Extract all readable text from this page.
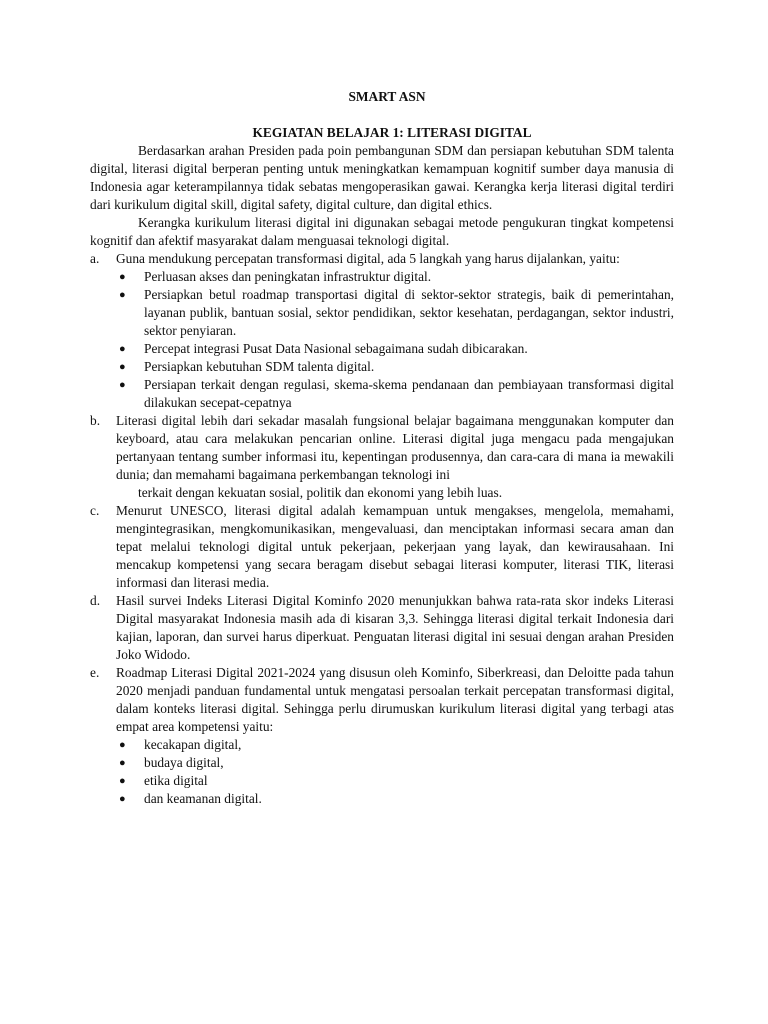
SMART ASN

KEGIATAN BELAJAR 1: LITERASI DIGITAL

Berdasarkan arahan Presiden pada poin pembangunan SDM dan persiapan kebutuhan SDM talenta digital, literasi digital berperan penting untuk meningkatkan kemampuan kognitif sumber daya manusia di Indonesia agar keterampilannya tidak sebatas mengoperasikan gawai. Kerangka kerja literasi digital terdiri dari kurikulum digital skill, digital safety, digital culture, dan digital ethics.

Kerangka kurikulum literasi digital ini digunakan sebagai metode pengukuran tingkat kompetensi kognitif dan afektif masyarakat dalam menguasai teknologi digital.

a. Guna mendukung percepatan transformasi digital, ada 5 langkah yang harus dijalankan, yaitu:
● Perluasan akses dan peningkatan infrastruktur digital.
● Persiapkan betul roadmap transportasi digital di sektor-sektor strategis, baik di pemerintahan, layanan publik, bantuan sosial, sektor pendidikan, sektor kesehatan, perdagangan, sektor industri, sektor penyiaran.
● Percepat integrasi Pusat Data Nasional sebagaimana sudah dibicarakan.
● Persiapkan kebutuhan SDM talenta digital.
● Persiapan terkait dengan regulasi, skema-skema pendanaan dan pembiayaan transformasi digital dilakukan secepat-cepatnya
b. Literasi digital lebih dari sekadar masalah fungsional belajar bagaimana menggunakan komputer dan keyboard, atau cara melakukan pencarian online. Literasi digital juga mengacu pada mengajukan pertanyaan tentang sumber informasi itu, kepentingan produsennya, dan cara-cara di mana ia mewakili dunia; dan memahami bagaimana perkembangan teknologi ini
terkait dengan kekuatan sosial, politik dan ekonomi yang lebih luas.
c. Menurut UNESCO, literasi digital adalah kemampuan untuk mengakses, mengelola, memahami, mengintegrasikan, mengkomunikasikan, mengevaluasi, dan menciptakan informasi secara aman dan tepat melalui teknologi digital untuk pekerjaan, pekerjaan yang layak, dan kewirausahaan. Ini mencakup kompetensi yang secara beragam disebut sebagai literasi komputer, literasi TIK, literasi informasi dan literasi media.
d. Hasil survei Indeks Literasi Digital Kominfo 2020 menunjukkan bahwa rata-rata skor indeks Literasi Digital masyarakat Indonesia masih ada di kisaran 3,3. Sehingga literasi digital terkait Indonesia dari kajian, laporan, dan survei harus diperkuat. Penguatan literasi digital ini sesuai dengan arahan Presiden Joko Widodo.
e. Roadmap Literasi Digital 2021-2024 yang disusun oleh Kominfo, Siberkreasi, dan Deloitte pada tahun 2020 menjadi panduan fundamental untuk mengatasi persoalan terkait percepatan transformasi digital, dalam konteks literasi digital. Sehingga perlu dirumuskan kurikulum literasi digital yang terbagi atas empat area kompetensi yaitu:
● kecakapan digital,
● budaya digital,
● etika digital
● dan keamanan digital.
